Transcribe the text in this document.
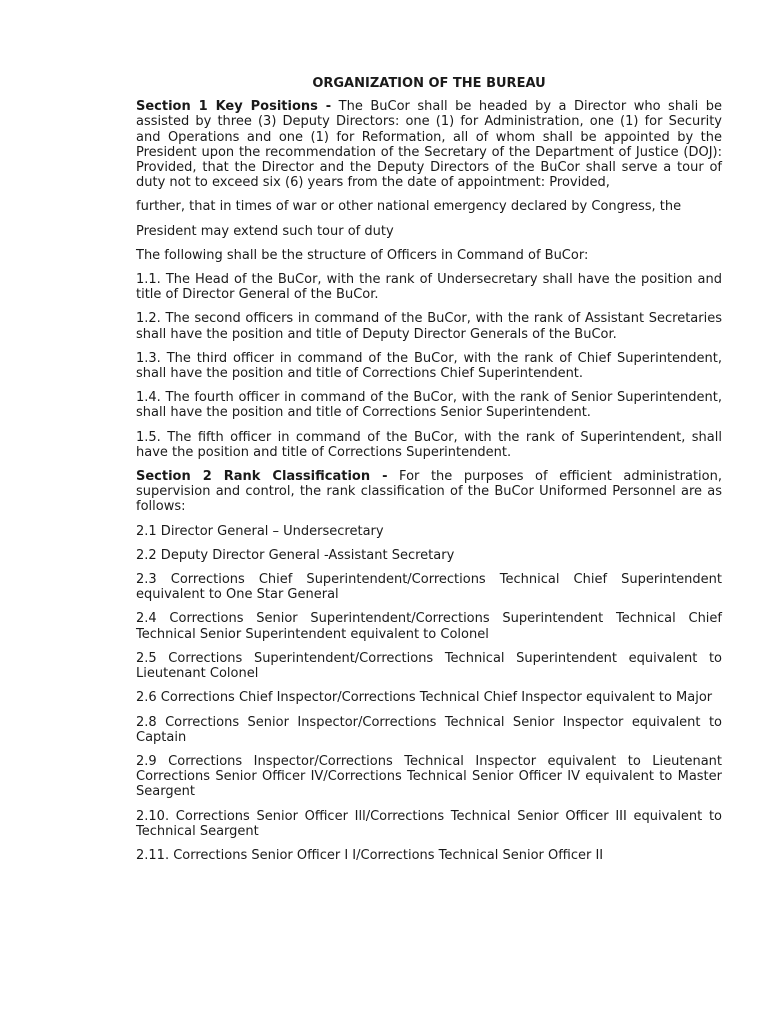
ORGANIZATION OF THE BUREAU

Section 1 Key Positions - The BuCor shall be headed by a Director who shali be assisted by three (3) Deputy Directors: one (1) for Administration, one (1) for Security and Operations and one (1) for Reformation, all of whom shall be appointed by the President upon the recommendation of the Secretary of the Department of Justice (DOJ): Provided, that the Director and the Deputy Directors of the BuCor shall serve a tour of duty not to exceed six (6) years from the date of appointment: Provided,

further, that in times of war or other national emergency declared by Congress, the

President may extend such tour of duty

The following shall be the structure of Officers in Command of BuCor:

1.1. The Head of the BuCor, with the rank of Undersecretary shall have the position and title of Director General of the BuCor.

1.2. The second officers in command of the BuCor, with the rank of Assistant Secretaries shall have the position and title of Deputy Director Generals of the BuCor.

1.3. The third officer in command of the BuCor, with the rank of Chief Superintendent, shall have the position and title of Corrections Chief Superintendent.

1.4. The fourth officer in command of the BuCor, with the rank of Senior Superintendent, shall have the position and title of Corrections Senior Superintendent.

1.5. The fifth officer in command of the BuCor, with the rank of Superintendent, shall have the position and title of Corrections Superintendent.

Section 2 Rank Classification - For the purposes of efficient administration, supervision and control, the rank classification of the BuCor Uniformed Personnel are as follows:

2.1 Director General – Undersecretary

2.2 Deputy Director General -Assistant Secretary

2.3 Corrections Chief Superintendent/Corrections Technical Chief Superintendent equivalent to One Star General

2.4 Corrections Senior Superintendent/Corrections Superintendent Technical Chief Technical Senior Superintendent equivalent to Colonel

2.5 Corrections Superintendent/Corrections Technical Superintendent equivalent to Lieutenant Colonel

2.6 Corrections Chief Inspector/Corrections Technical Chief Inspector equivalent to Major

2.8 Corrections Senior Inspector/Corrections Technical Senior Inspector equivalent to Captain

2.9 Corrections Inspector/Corrections Technical Inspector equivalent to Lieutenant Corrections Senior Officer IV/Corrections Technical Senior Officer IV equivalent to Master Seargent

2.10. Corrections Senior Officer Ill/Corrections Technical Senior Officer III equivalent to Technical Seargent

2.11. Corrections Senior Officer I I/Corrections Technical Senior Officer II
